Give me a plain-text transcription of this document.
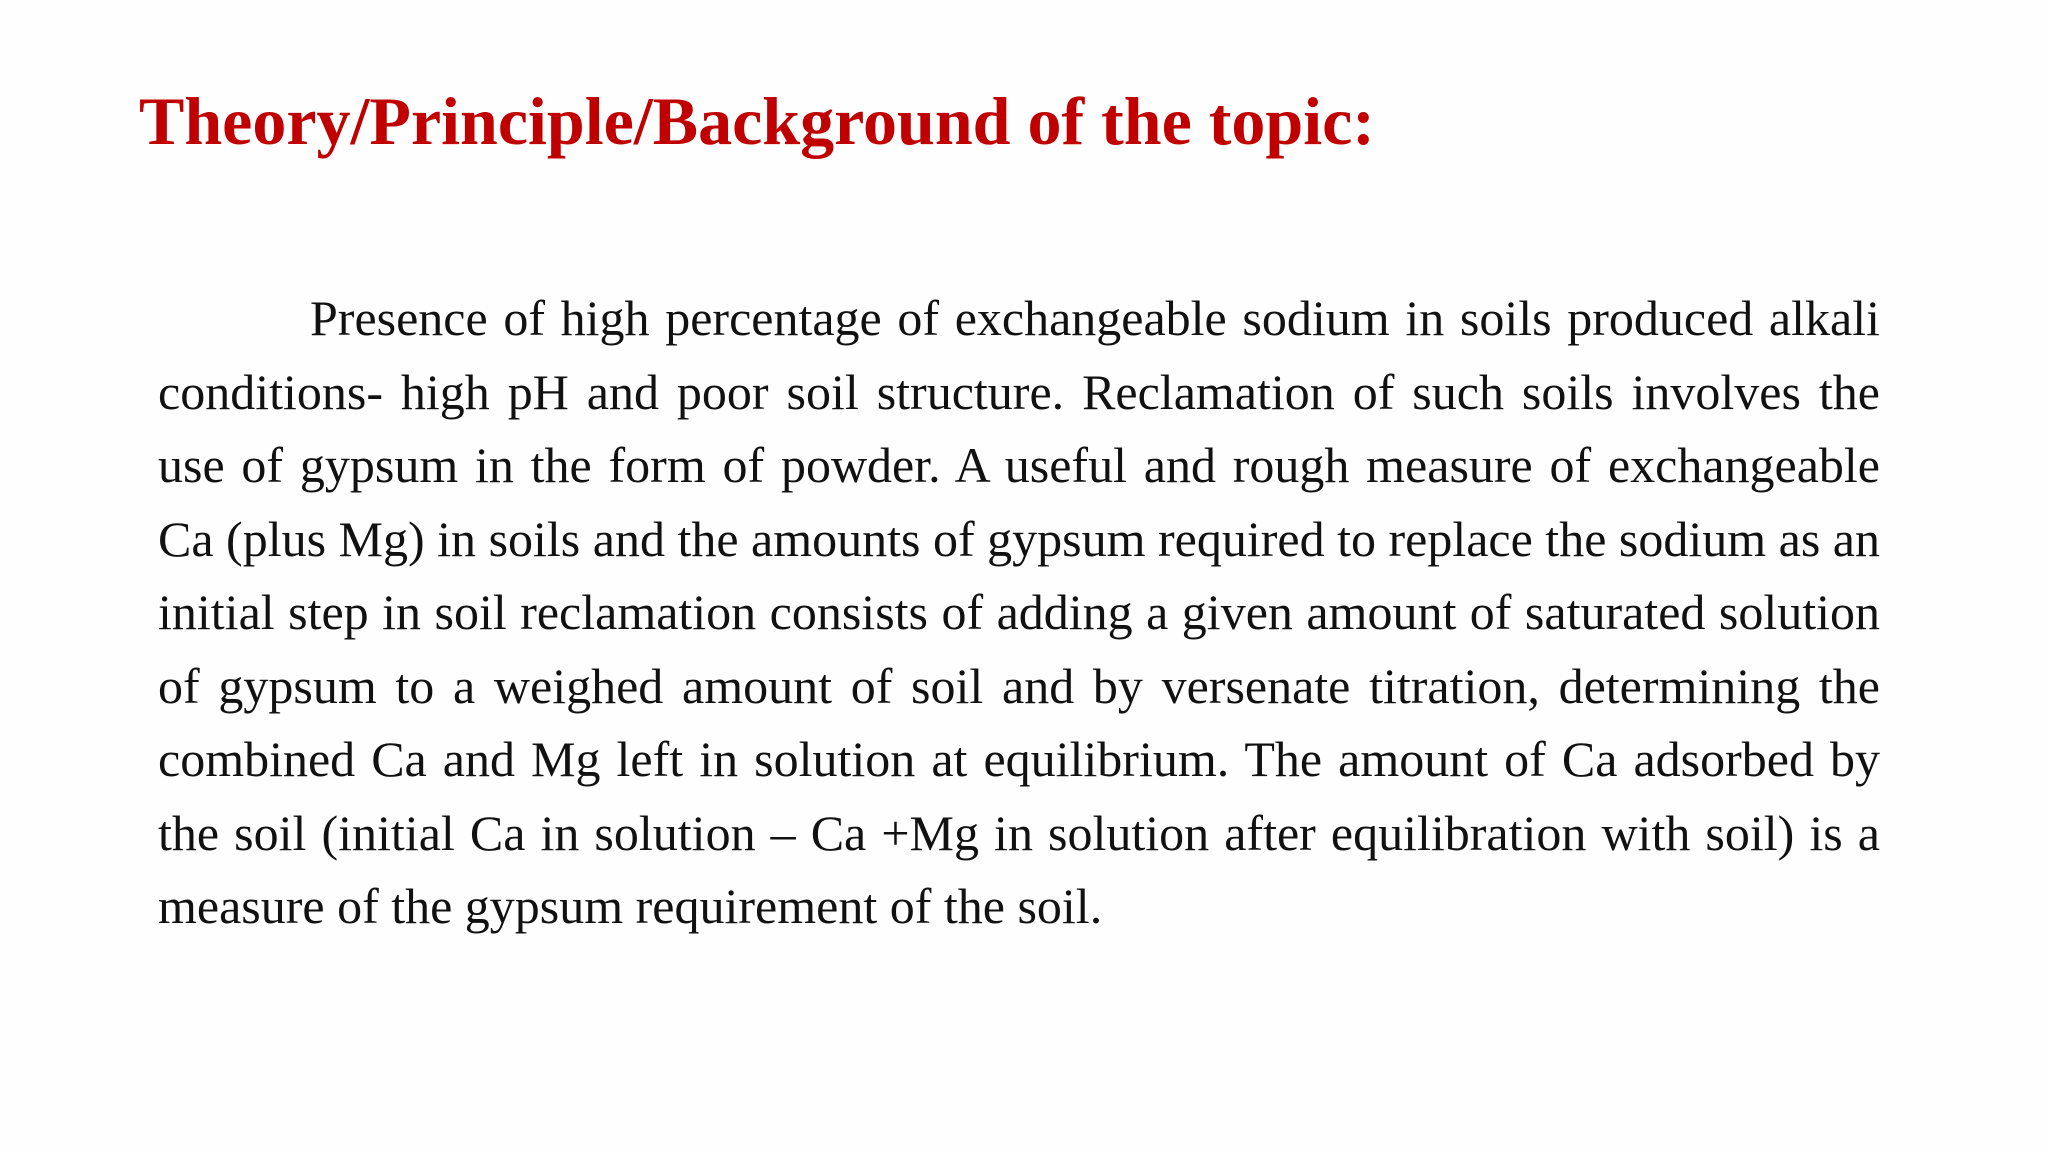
Theory/Principle/Background of the topic:

Presence of high percentage of exchangeable sodium in soils produced alkali conditions- high pH and poor soil structure. Reclamation of such soils involves the use of gypsum in the form of powder. A useful and rough measure of exchangeable Ca (plus Mg) in soils and the amounts of gypsum required to replace the sodium as an initial step in soil reclamation consists of adding a given amount of saturated solution of gypsum to a weighed amount of soil and by versenate titration, determining the combined Ca and Mg left in solution at equilibrium. The amount of Ca adsorbed by the soil (initial Ca in solution – Ca +Mg in solution after equilibration with soil) is a measure of the gypsum requirement of the soil.
